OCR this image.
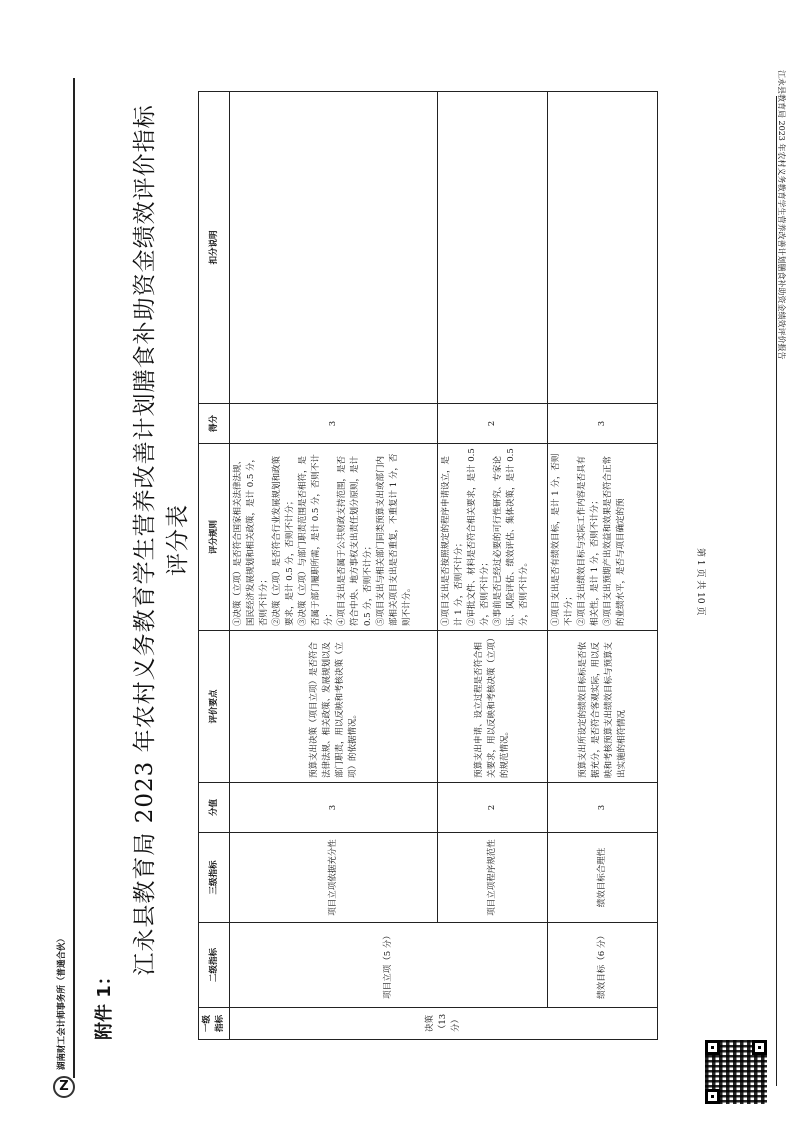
江永县教育局 2023 年农村义务教育学生营养改善计划膳食补助资金绩效评价报告
湖南财工会计师事务所（普通合伙）
Z
附件 1：
江永县教育局 2023 年农村义务教育学生营养改善计划膳食补助资金绩效评价指标评分表
一级指标	二级指标	三级指标	分值	评价要点	评分规则	得分	扣分说明
决策（13 分）	项目立项（5 分）	项目立项依据充分性	3	预算支出决策（项目立项）是否符合法律法规、相关政策、发展规划以及部门职责，用以反映和考核决策（立项）的依据情况。	①决策（立项）是否符合国家相关法律法规、国民经济发展规划和相关政策，是计 0.5 分，否则不计分； ②决策（立项）是否符合行业发展规划和政策要求，是计 0.5 分，否则不计分； ③决策（立项）与部门职责范围是否相符，是否属于部门履职所需，是计 0.5 分，否则不计分； ④项目支出是否属于公共财政支持范围，是否符合中央、地方事权支出责任划分原则，是计 0.5 分，否则不计分； ⑤项目支出与相关部门同类预算支出或部门内部相关项目支出是否重复，不重复计 1 分，否则不计分。	3	
		项目立项程序规范性	2	预算支出申请、设立过程是否符合相关要求，用以反映和考核决策（立项）的规范情况。	①项目支出是否按照规定的程序申请设立，是计 1 分，否则不计分； ②审批文件、材料是否符合相关要求，是计 0.5 分，否则不计分； ③事前是否已经过必要的可行性研究、专家论证、风险评估、绩效评估、集体决策，是计 0.5 分，否则不计分。	2	
	绩效目标（6 分）	绩效目标合理性	3	预算支出所设定的绩效目标标是否依据充分，是否符合客观实际，用以反映和考核预算支出绩效目标与预算支出实施的相符情况	①项目支出是否有绩效目标，是计 1 分，否则不计分； ②项目支出绩效目标与实际工作内容是否具有相关性，是计 1 分，否则不计分； ③项目支出预期产出效益和效果是否符合正常的业绩水平，是否与项目确定的预	3	
第 1 页 共 10 页
